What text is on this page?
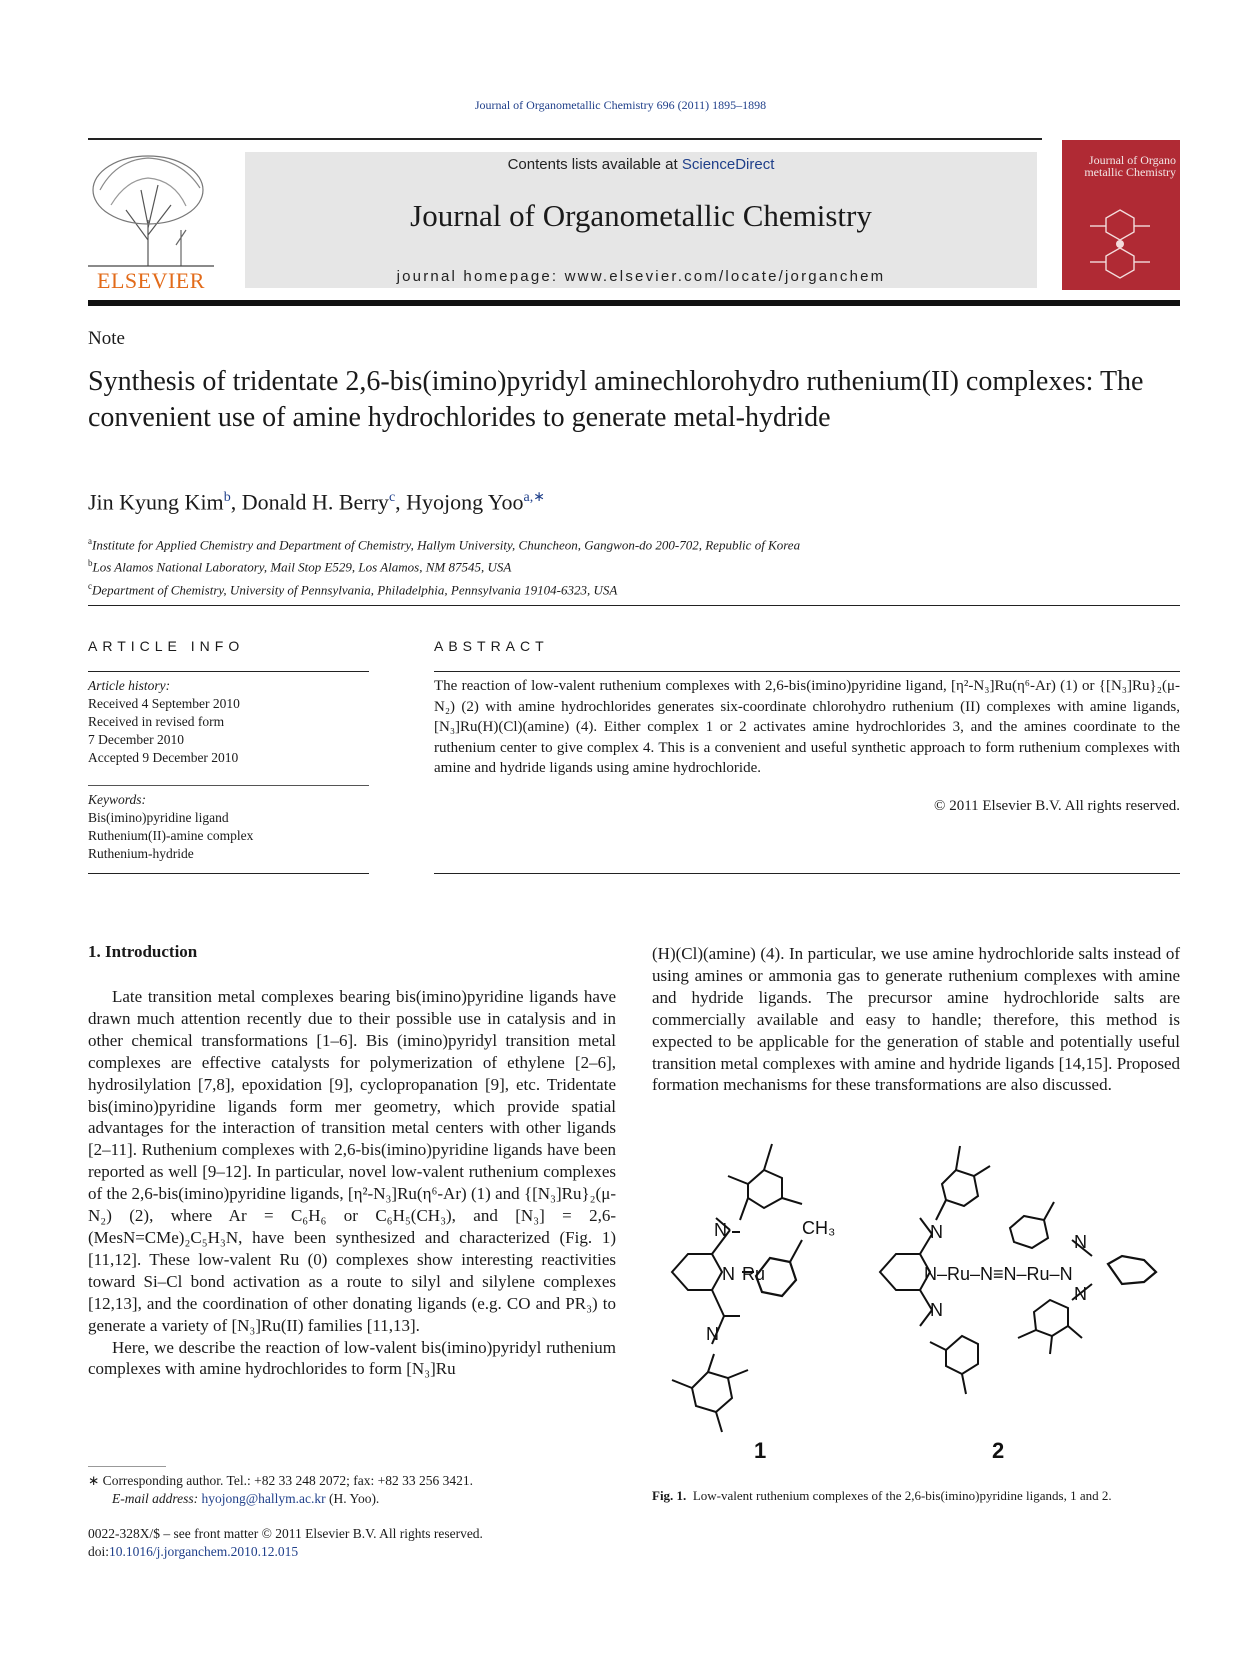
Journal of Organometallic Chemistry 696 (2011) 1895–1898
ELSEVIER
Contents lists available at ScienceDirect
Journal of Organometallic Chemistry
journal homepage: www.elsevier.com/locate/jorganchem
Journal of Organo metallic Chemistry
Note
Synthesis of tridentate 2,6-bis(imino)pyridyl aminechlorohydro ruthenium(II) complexes: The convenient use of amine hydrochlorides to generate metal-hydride
Jin Kyung Kim$^b$, Donald H. Berry$^c$, Hyojong Yoo$^{a,∗}$
$^a$Institute for Applied Chemistry and Department of Chemistry, Hallym University, Chuncheon, Gangwon-do 200-702, Republic of Korea
$^b$Los Alamos National Laboratory, Mail Stop E529, Los Alamos, NM 87545, USA
$^c$Department of Chemistry, University of Pennsylvania, Philadelphia, Pennsylvania 19104-6323, USA
ARTICLE INFO	ABSTRACT
Article history:
Received 4 September 2010
Received in revised form
7 December 2010
Accepted 9 December 2010
Keywords:
Bis(imino)pyridine ligand
Ruthenium(II)-amine complex
Ruthenium-hydride
The reaction of low-valent ruthenium complexes with 2,6-bis(imino)pyridine ligand, [η²-N₃]Ru(η⁶-Ar) (1) or {[N₃]Ru}₂(μ-N₂) (2) with amine hydrochlorides generates six-coordinate chlorohydro ruthenium (II) complexes with amine ligands, [N₃]Ru(H)(Cl)(amine) (4). Either complex 1 or 2 activates amine hydrochlorides 3, and the amines coordinate to the ruthenium center to give complex 4. This is a convenient and useful synthetic approach to form ruthenium complexes with amine and hydride ligands using amine hydrochloride.
© 2011 Elsevier B.V. All rights reserved.
1. Introduction

Late transition metal complexes bearing bis(imino)pyridine ligands have drawn much attention recently due to their possible use in catalysis and in other chemical transformations [1–6]. Bis (imino)pyridyl transition metal complexes are effective catalysts for polymerization of ethylene [2–6], hydrosilylation [7,8], epoxidation [9], cyclopropanation [9], etc. Tridentate bis(imino)pyridine ligands form mer geometry, which provide spatial advantages for the interaction of transition metal centers with other ligands [2–11]. Ruthenium complexes with 2,6-bis(imino)pyridine ligands have been reported as well [9–12]. In particular, novel low-valent ruthenium complexes of the 2,6-bis(imino)pyridine ligands, [η²-N₃]Ru(η⁶-Ar) (1) and {[N₃]Ru}₂(μ-N₂) (2), where Ar = C₆H₆ or C₆H₅(CH₃), and [N₃] = 2,6-(MesN=CMe)₂C₅H₃N, have been synthesized and characterized (Fig. 1) [11,12]. These low-valent Ru (0) complexes show interesting reactivities toward Si–Cl bond activation as a route to silyl and silylene complexes [12,13], and the coordination of other donating ligands (e.g. CO and PR₃) to generate a variety of [N₃]Ru(II) families [11,13].

Here, we describe the reaction of low-valent bis(imino)pyridyl ruthenium complexes with amine hydrochlorides to form [N₃]Ru

(H)(Cl)(amine) (4). In particular, we use amine hydrochloride salts instead of using amines or ammonia gas to generate ruthenium complexes with amine and hydride ligands. The precursor amine hydrochloride salts are commercially available and easy to handle; therefore, this method is expected to be applicable for the generation of stable and potentially useful transition metal complexes with amine and hydride ligands [14,15]. Proposed formation mechanisms for these transformations are also discussed.

N
N Ru
CH₃
N
N
N–Ru–N≡N–Ru–N
N
N
N
1	2
Fig. 1. Low-valent ruthenium complexes of the 2,6-bis(imino)pyridine ligands, 1 and 2.
∗ Corresponding author. Tel.: +82 33 248 2072; fax: +82 33 256 3421.
E-mail address: hyojong@hallym.ac.kr (H. Yoo).
0022-328X/$ – see front matter © 2011 Elsevier B.V. All rights reserved.
doi:10.1016/j.jorganchem.2010.12.015
